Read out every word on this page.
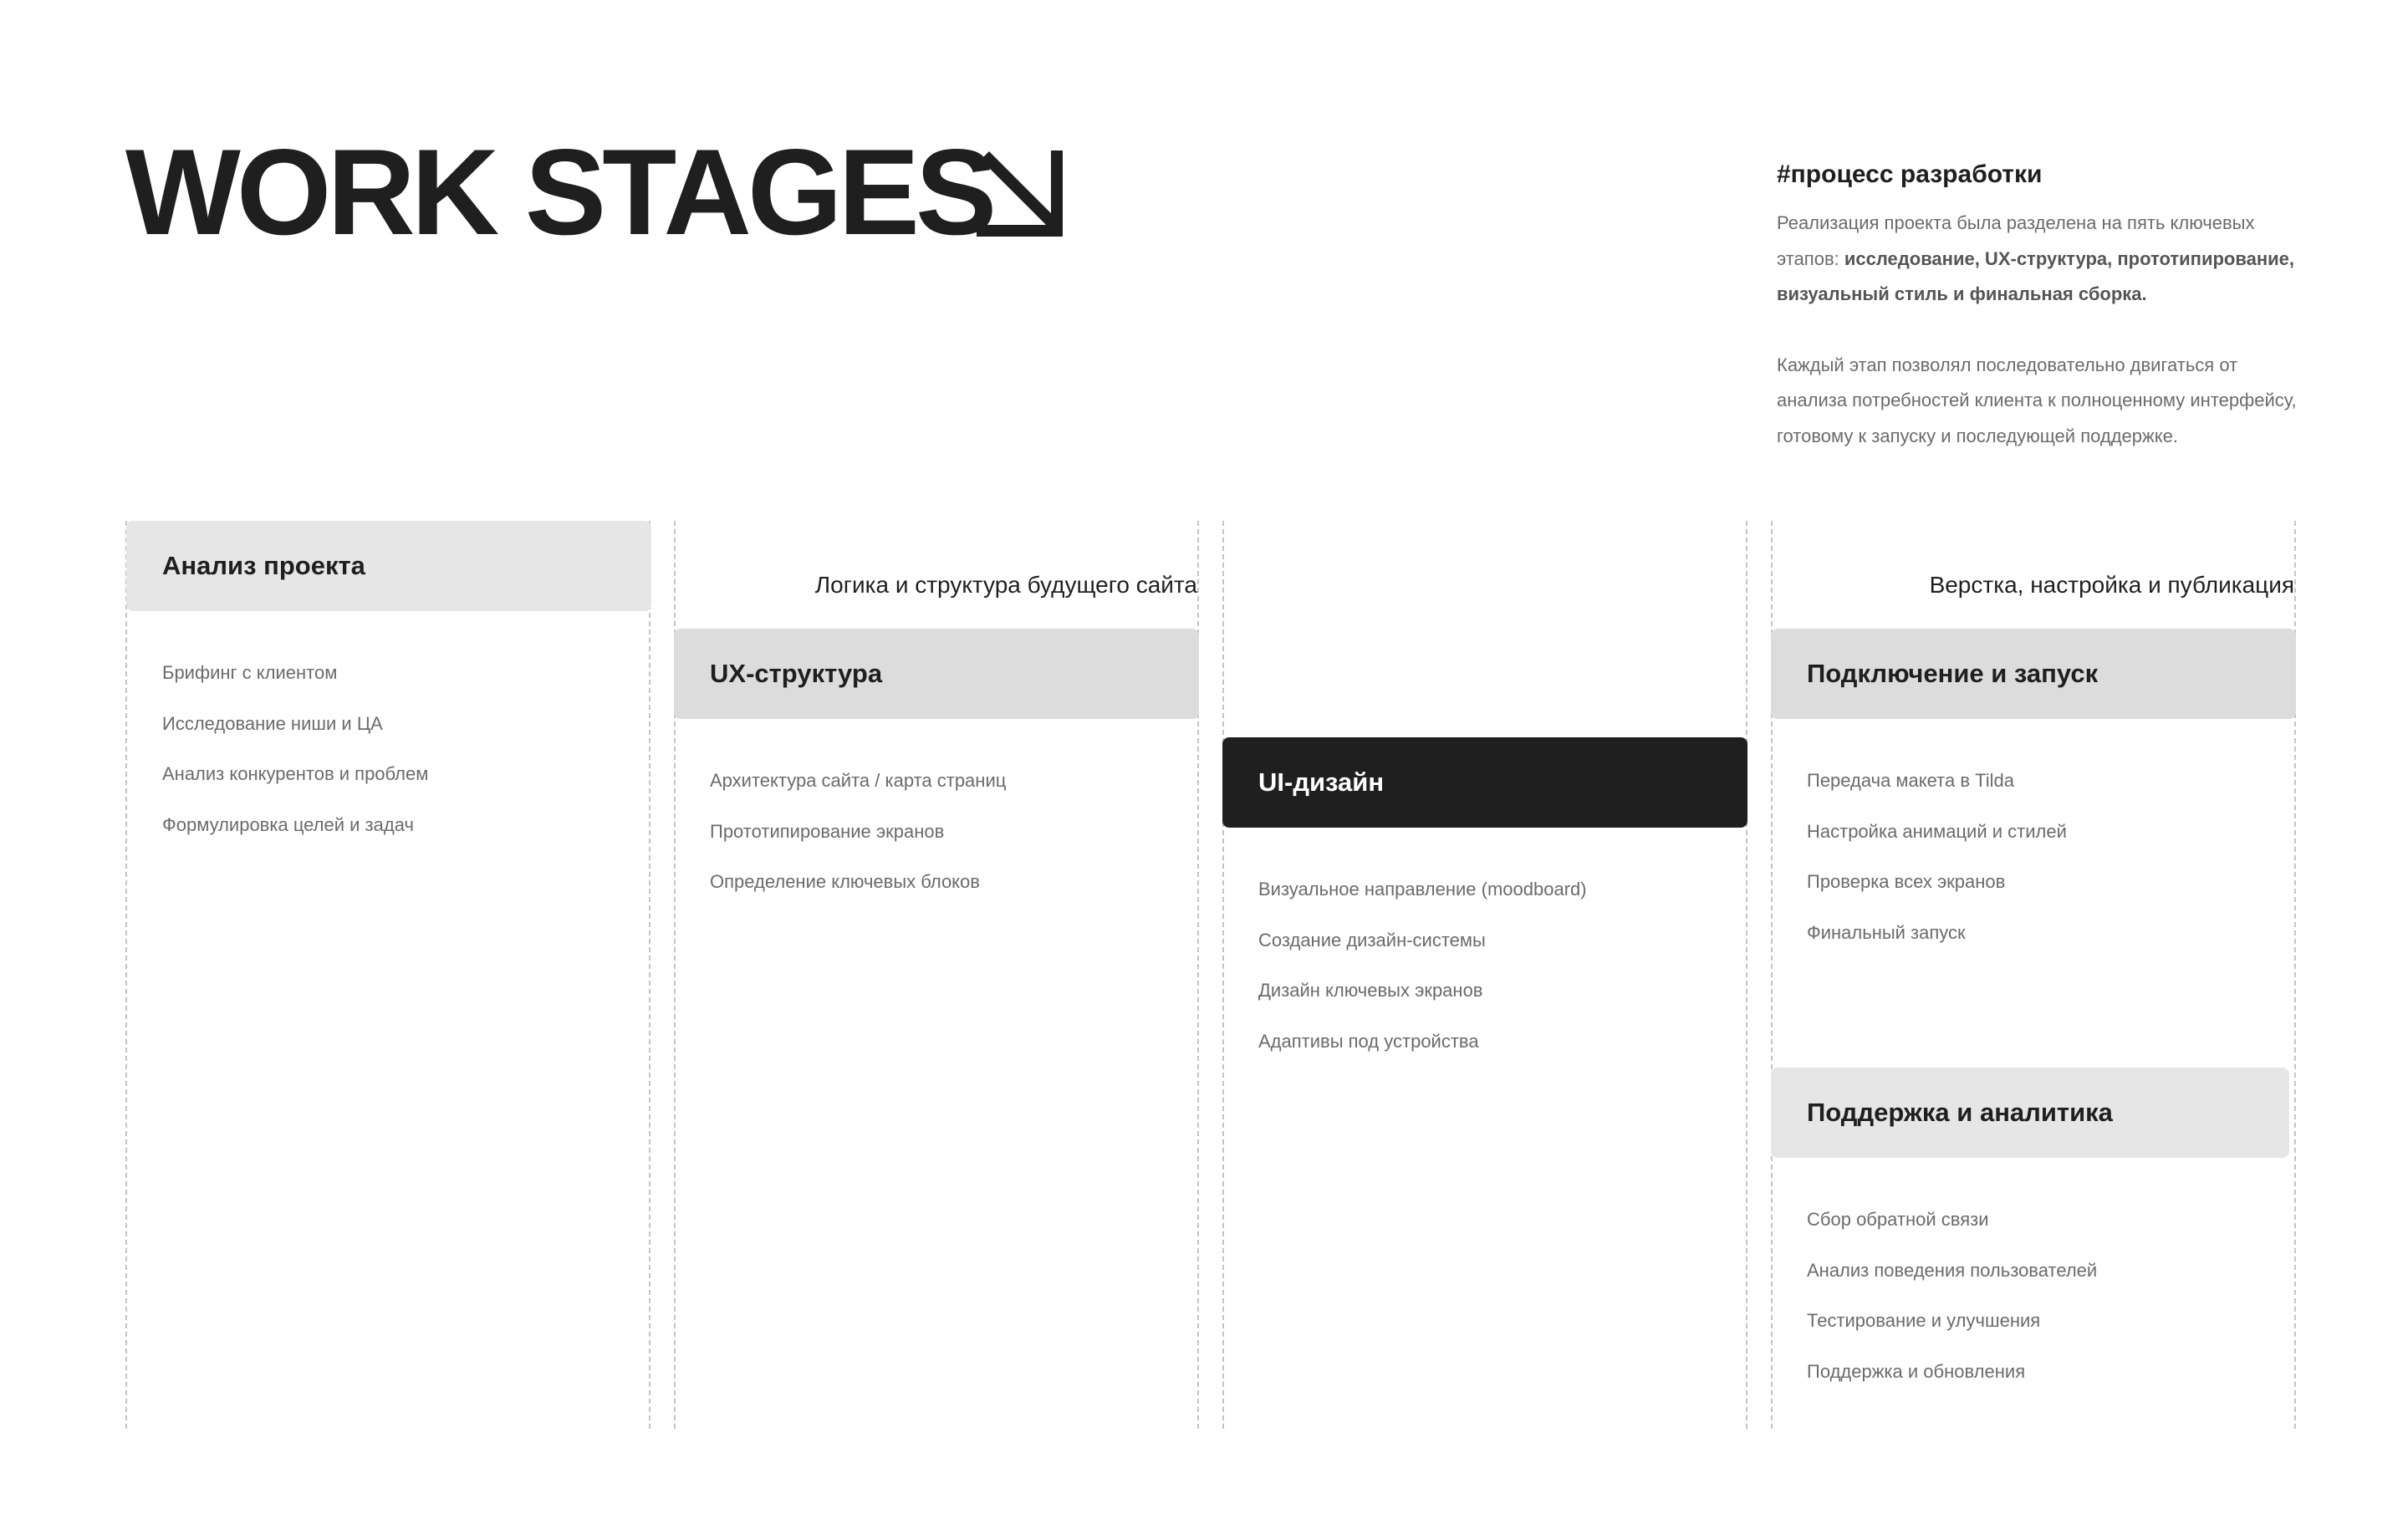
WORK STAGES	#процесс разработки

Реализация проекта была разделена на пять ключевых этапов: исследование, UX-структура, прототипирование, визуальный стиль и финальная сборка.

Каждый этап позволял последовательно двигаться от анализа потребностей клиента к полноценному интерфейсу, готовому к запуску и последующей поддержке.

Логика и структура будущего сайта	Верстка, настройка и публикация
Анализ проекта
Брифинг с клиентом
Исследование ниши и ЦА
Анализ конкурентов и проблем
Формулировка целей и задач
UX-структура
Архитектура сайта / карта страниц
Прототипирование экранов
Определение ключевых блоков
UI-дизайн
Визуальное направление (moodboard)
Создание дизайн-системы
Дизайн ключевых экранов
Адаптивы под устройства
Подключение и запуск
Передача макета в Tilda
Настройка анимаций и стилей
Проверка всех экранов
Финальный запуск
Поддержка и аналитика
Сбор обратной связи
Анализ поведения пользователей
Тестирование и улучшения
Поддержка и обновления
